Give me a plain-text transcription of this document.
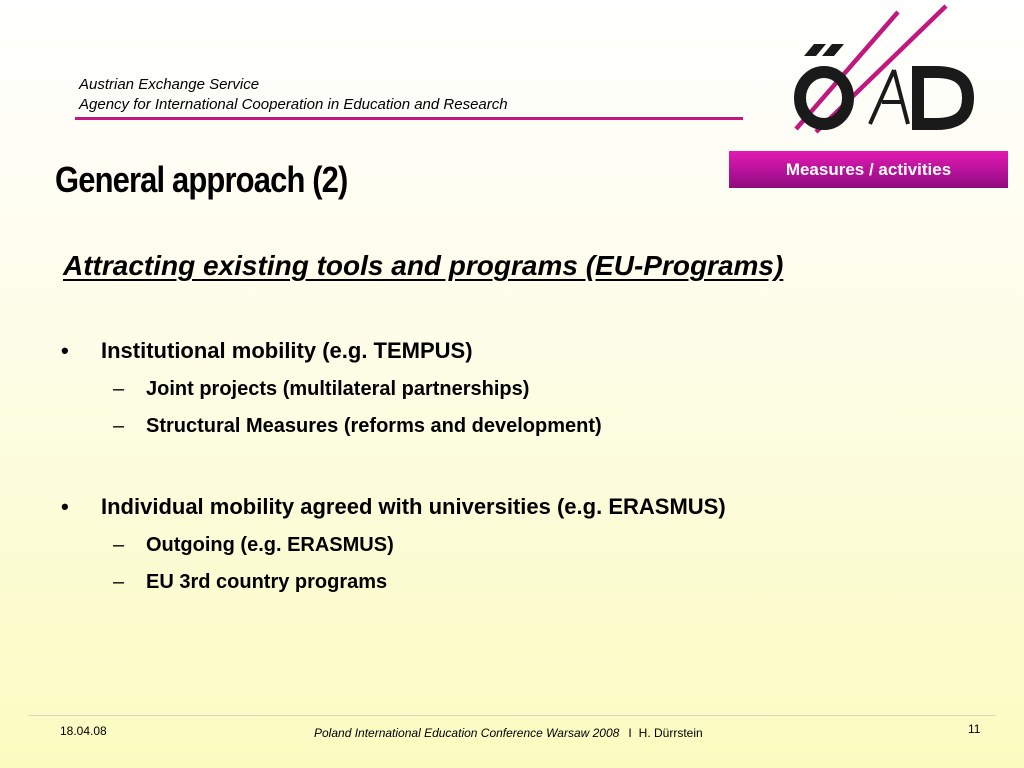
Austrian Exchange Service
Agency for International Cooperation in Education and Research
Measures / activities
General approach (2)
Attracting existing tools and programs (EU-Programs)
• Institutional mobility (e.g. TEMPUS)
– Joint projects (multilateral partnerships)
– Structural Measures (reforms and development)
• Individual mobility agreed with universities (e.g. ERASMUS)
– Outgoing (e.g. ERASMUS)
– EU 3rd country programs
18.04.08	Poland International Education Conference Warsaw 2008 I H. Dürrstein	11
